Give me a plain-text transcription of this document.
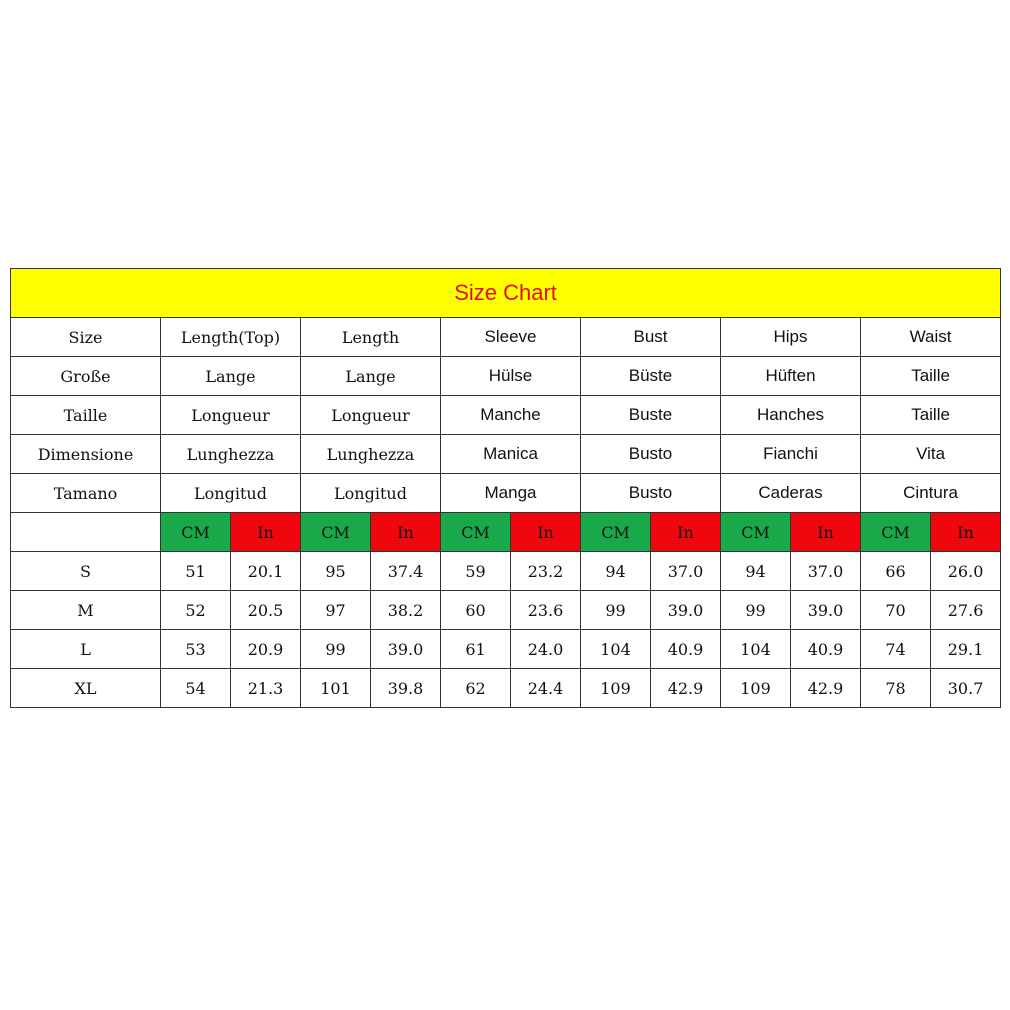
Size Chart												
Size	Length(Top)		Length		Sleeve		Bust		Hips		Waist	
Große	Lange		Lange		Hülse		Büste		Hüften		Taille	
Taille	Longueur		Longueur		Manche		Buste		Hanches		Taille	
Dimensione	Lunghezza		Lunghezza		Manica		Busto		Fianchi		Vita	
Tamano	Longitud		Longitud		Manga		Busto		Caderas		Cintura	
	CM	In	CM	In	CM	In	CM	In	CM	In	CM	In
S	51	20.1	95	37.4	59	23.2	94	37.0	94	37.0	66	26.0
M	52	20.5	97	38.2	60	23.6	99	39.0	99	39.0	70	27.6
L	53	20.9	99	39.0	61	24.0	104	40.9	104	40.9	74	29.1
XL	54	21.3	101	39.8	62	24.4	109	42.9	109	42.9	78	30.7
